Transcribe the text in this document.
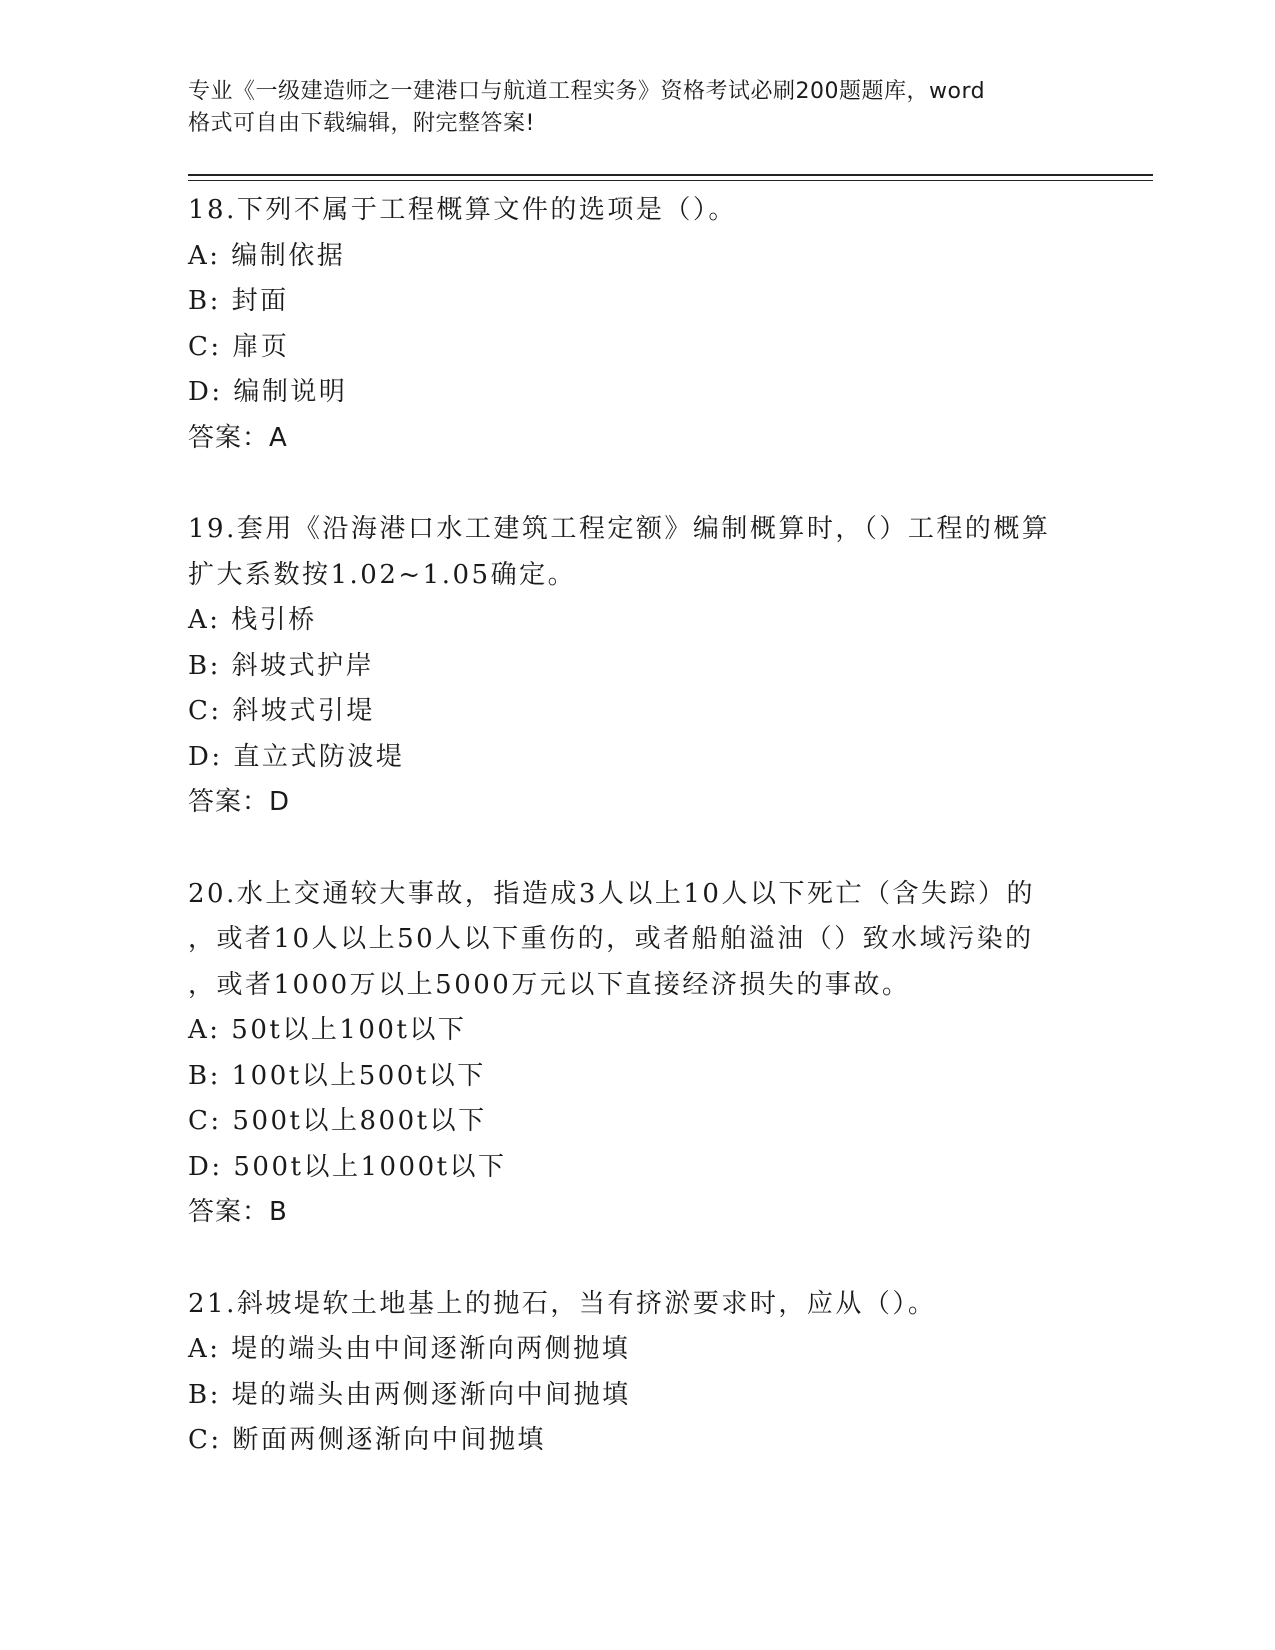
专业《一级建造师之一建港口与航道工程实务》资格考试必刷200题题库，word
格式可自由下载编辑，附完整答案!
18.下列不属于工程概算文件的选项是（）。
A: 编制依据
B: 封面
C: 扉页
D: 编制说明
答案：A
19.套用《沿海港口水工建筑工程定额》编制概算时，（）工程的概算
扩大系数按1.02~1.05确定。
A: 栈引桥
B: 斜坡式护岸
C: 斜坡式引堤
D: 直立式防波堤
答案：D
20.水上交通较大事故，指造成3人以上10人以下死亡（含失踪）的
，或者10人以上50人以下重伤的，或者船舶溢油（）致水域污染的
，或者1000万以上5000万元以下直接经济损失的事故。
A: 50t以上100t以下
B: 100t以上500t以下
C: 500t以上800t以下
D: 500t以上1000t以下
答案：B
21.斜坡堤软土地基上的抛石，当有挤淤要求时，应从（）。
A: 堤的端头由中间逐渐向两侧抛填
B: 堤的端头由两侧逐渐向中间抛填
C: 断面两侧逐渐向中间抛填
